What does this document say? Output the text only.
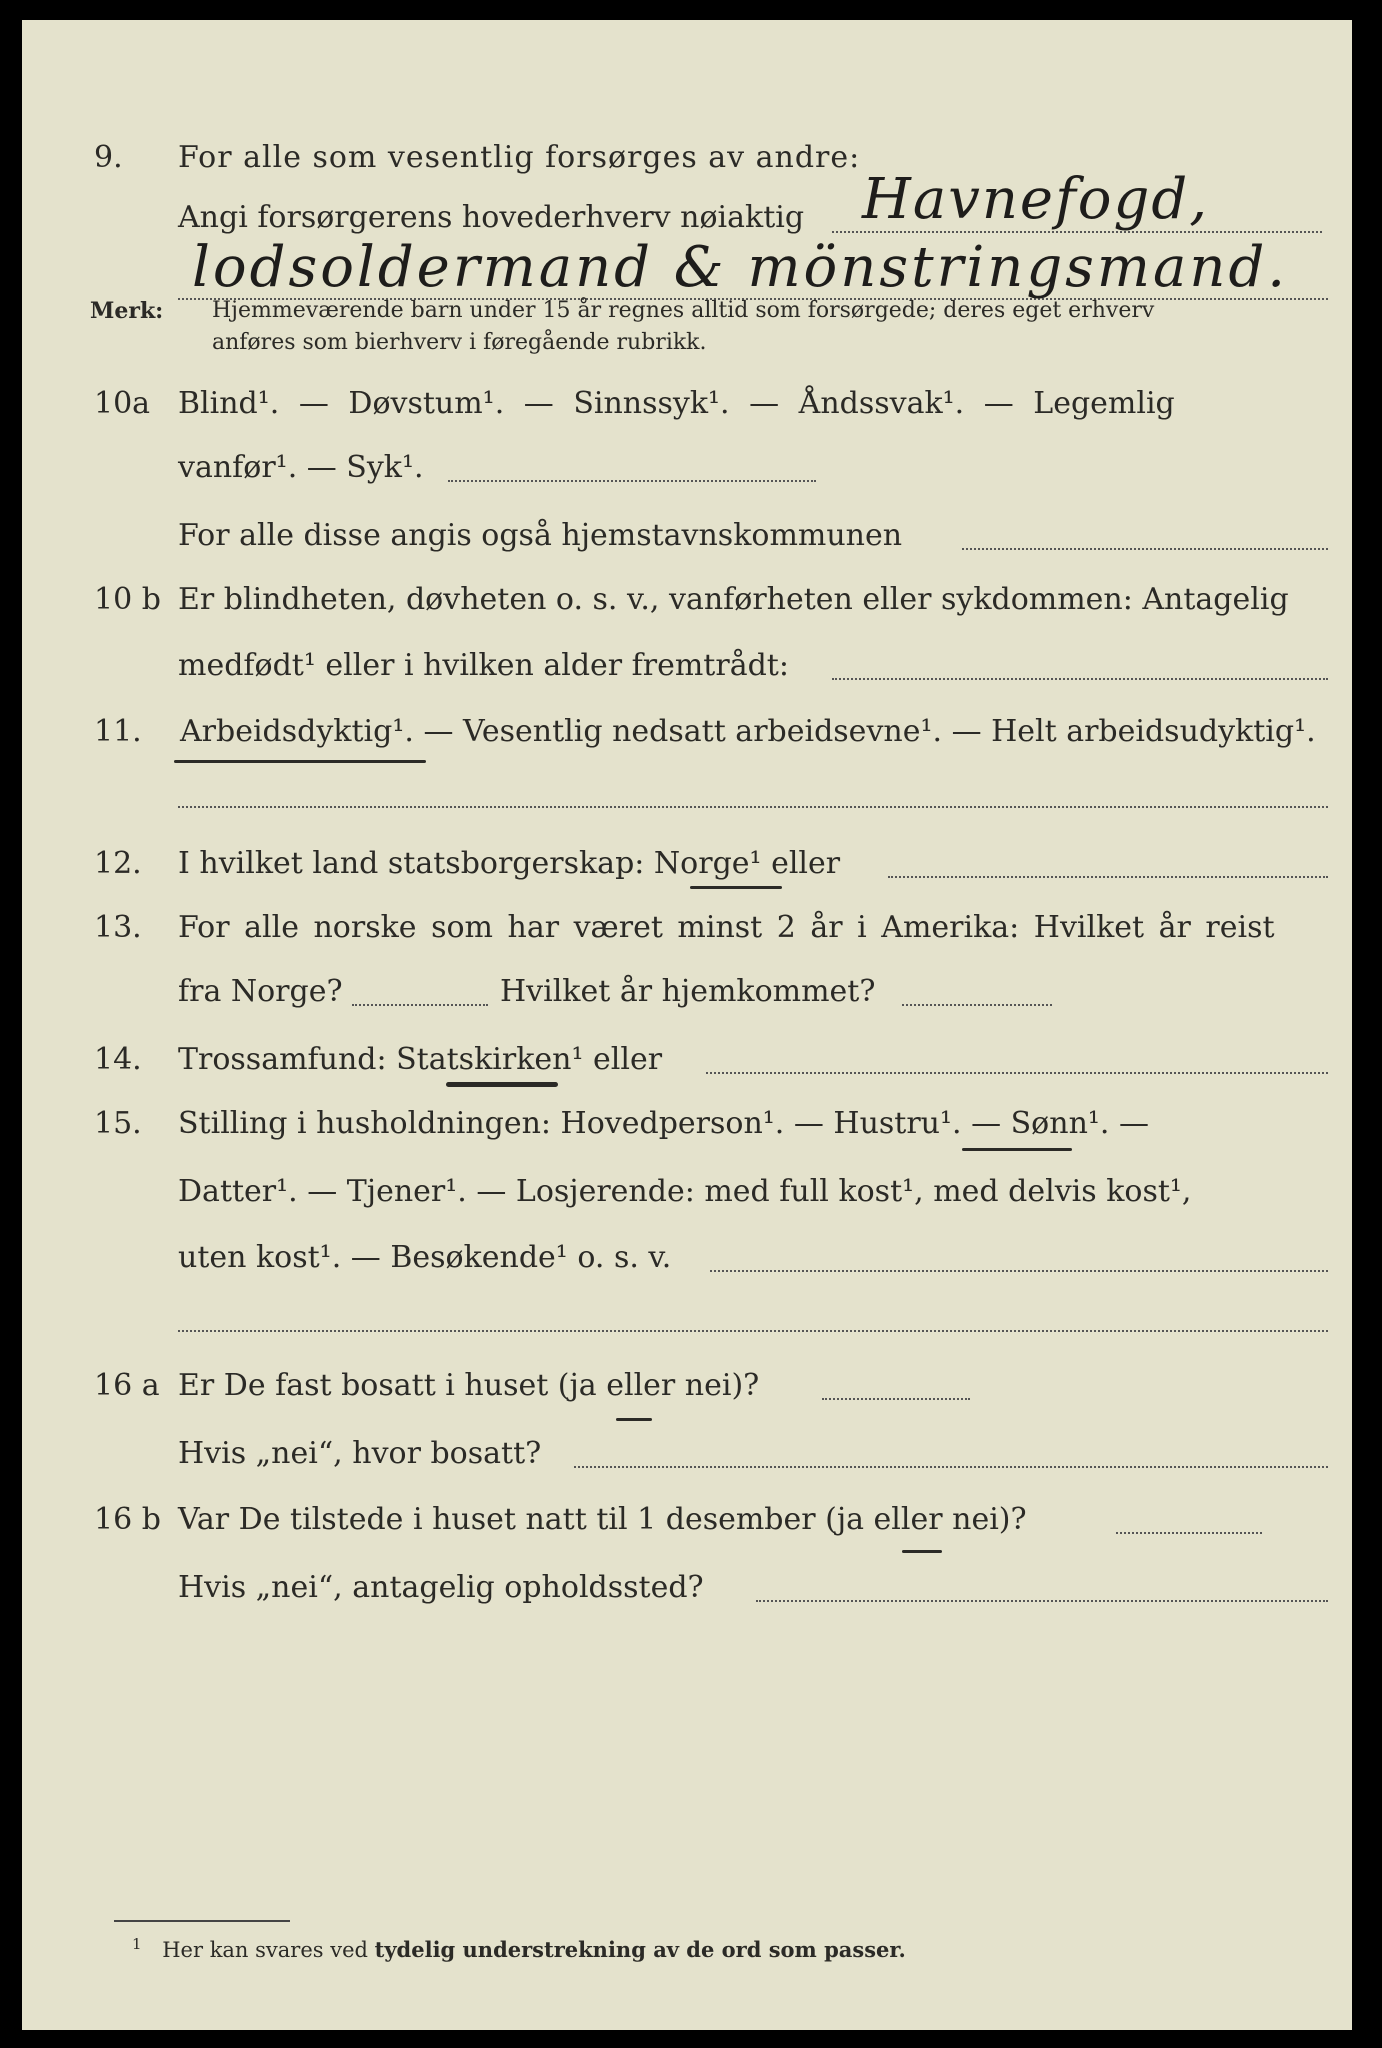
9. For alle som vesentlig forsørges av andre:
Angi forsørgerens hovederhverv nøiaktig Havnefogd,
lodsoldermand & mönstringsmand.
Merk: Hjemmeværende barn under 15 år regnes alltid som forsørgede; deres eget erhverv
anføres som bierhverv i føregående rubrikk.
10a Blind¹. — Døvstum¹. — Sinnssyk¹. — Åndssvak¹. — Legemlig
vanfør¹. — Syk¹.
For alle disse angis også hjemstavnskommunen
10 b Er blindheten, døvheten o. s. v., vanførheten eller sykdommen: Antagelig
medfødt¹ eller i hvilken alder fremtrådt:
11. Arbeidsdyktig¹. — Vesentlig nedsatt arbeidsevne¹. — Helt arbeidsudyktig¹.
12. I hvilket land statsborgerskap: Norge¹ eller
13. For alle norske som har været minst 2 år i Amerika: Hvilket år reist
fra Norge?	Hvilket år hjemkommet?
14. Trossamfund: Statskirken¹ eller
15. Stilling i husholdningen: Hovedperson¹. — Hustru¹. — Sønn¹. —
Datter¹. — Tjener¹. — Losjerende: med full kost¹, med delvis kost¹,
uten kost¹. — Besøkende¹ o. s. v.
16 a Er De fast bosatt i huset (ja eller nei)?
Hvis „nei“, hvor bosatt?
16 b Var De tilstede i huset natt til 1 desember (ja eller nei)?
Hvis „nei“, antagelig opholdssted?
$^1$ Her kan svares ved tydelig understrekning av de ord som passer.
